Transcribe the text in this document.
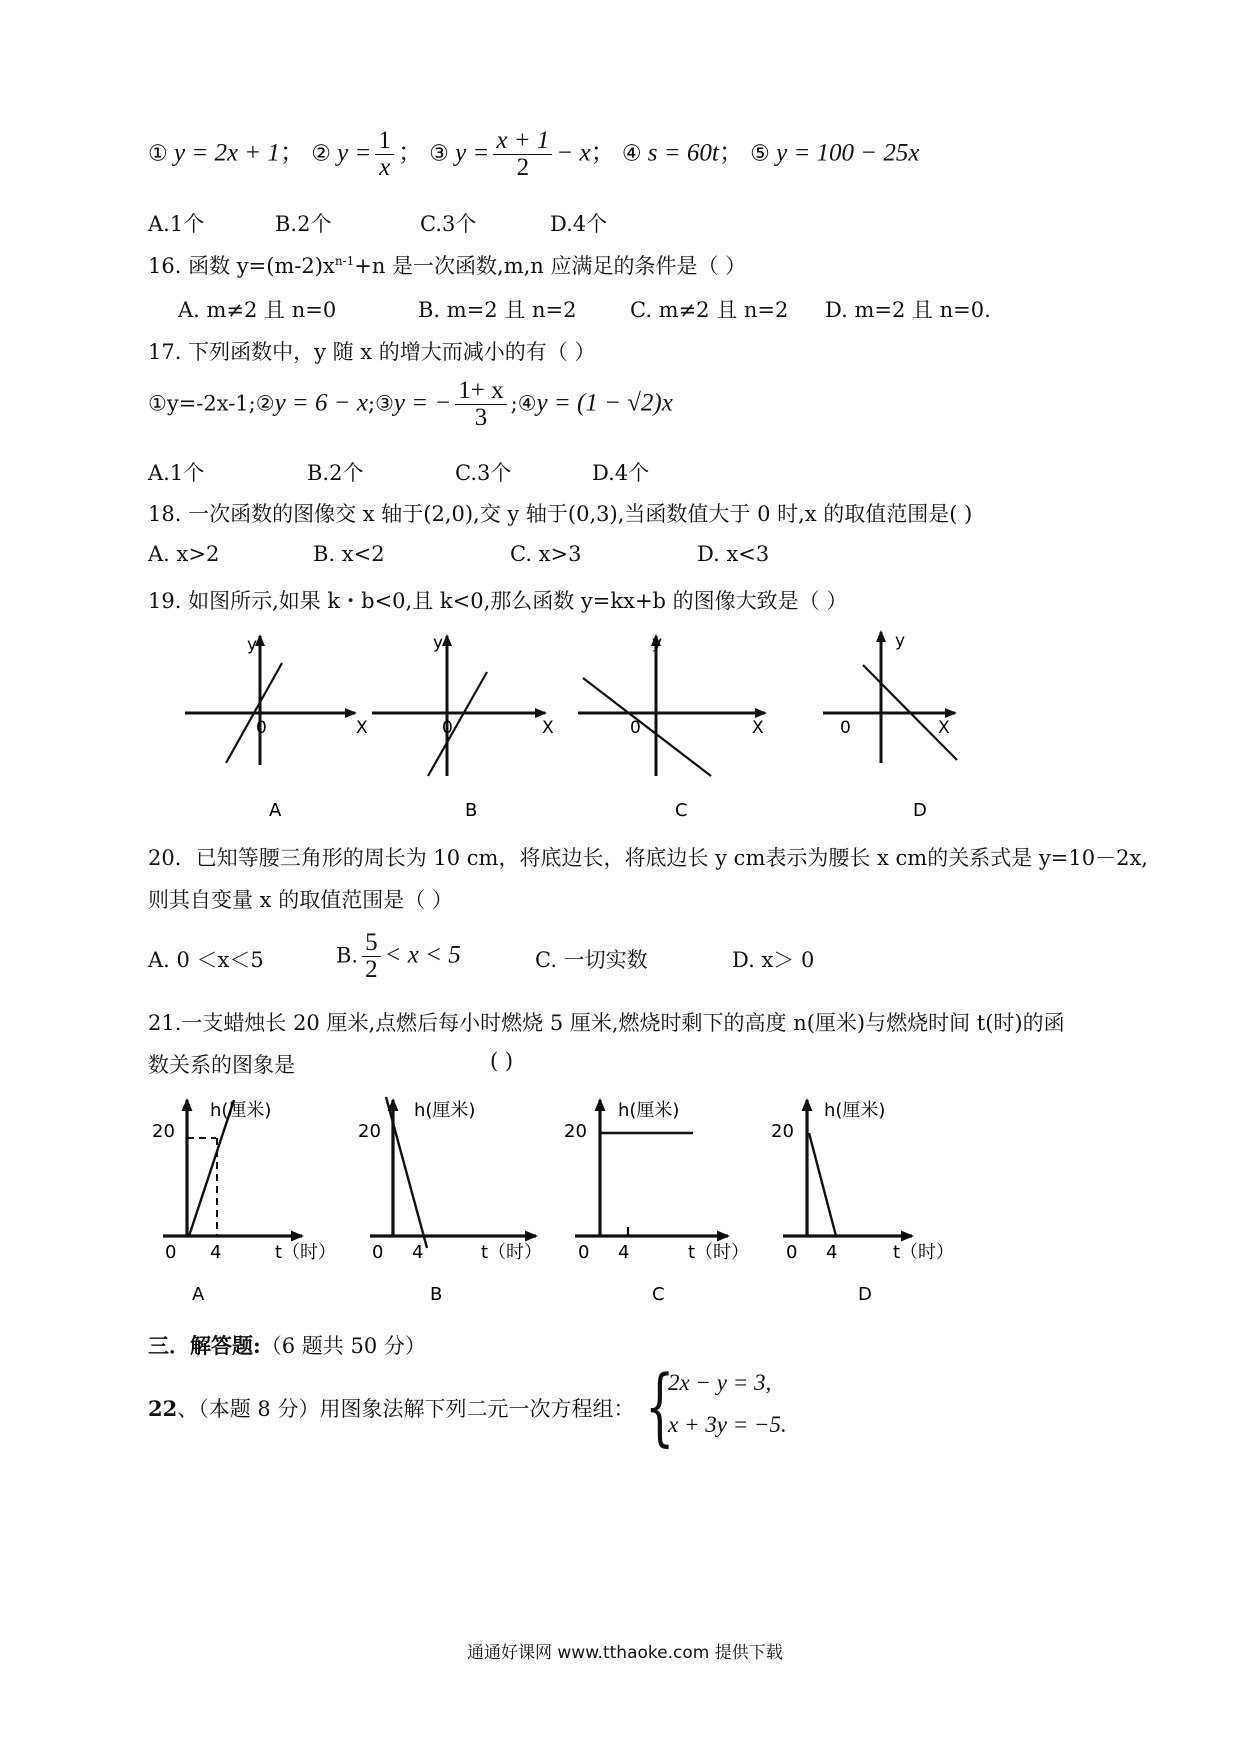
① y = 2x + 1； ② $y = \frac{1}{x}$ ； ③ $y = \frac{x + 1}{2} - x$； ④ s = 60t； ⑤ y = 100 − 25x
A.1个	B.2个	C.3个	D.4个
16. 函数 $y=(m-2)x^{n-1}+n$ 是一次函数,m,n 应满足的条件是（ ）
A. m≠2 且 n=0	B. m=2 且 n=2	C. m≠2 且 n=2 D. m=2 且 n=0.
17. 下列函数中，y 随 x 的增大而减小的有（ ）
①y=-2x-1;②y = 6 − x;③y = − $\frac{1+ x}{3}$ ;④y = (1 − √2)x
A.1个	B.2个	C.3个	D.4个
18. 一次函数的图像交 x 轴于(2,0),交 y 轴于(0,3),当函数值大于 0 时,x 的取值范围是( )
A. x>2	B. x<2	C. x>3	D. x<3
19. 如图所示,如果 k・b<0,且 k<0,那么函数 y=kx+b 的图像大致是（ ）
y
0	X
y
0	X
y
0	X
y
0	X
A	B	C	D
20．已知等腰三角形的周长为 10 cm，将底边长，将底边长 y cm表示为腰长 x cm的关系式是 y=10－2x,
则其自变量 x 的取值范围是（ ）
A. 0 ＜x＜5	B. $\frac{5}{2} < x < 5$	C. 一切实数	D. x＞ 0
21.一支蜡烛长 20 厘米,点燃后每小时燃烧 5 厘米,燃烧时剩下的高度 n(厘米)与燃烧时间 t(时)的函
数关系的图象是	( )
h(厘米)
20
0 4	t（时）
h(厘米)
20
0 4	t（时）
h(厘米)
20
0 4	t（时）
h(厘米)
20
0 4	t（时）
A	B	C	D
三．解答题:（6 题共 50 分）
22、（本题 8 分）用图象法解下列二元一次方程组： {
2x − y = 3,
x + 3y = −5.
通通好课网 www.tthaoke.com 提供下载
